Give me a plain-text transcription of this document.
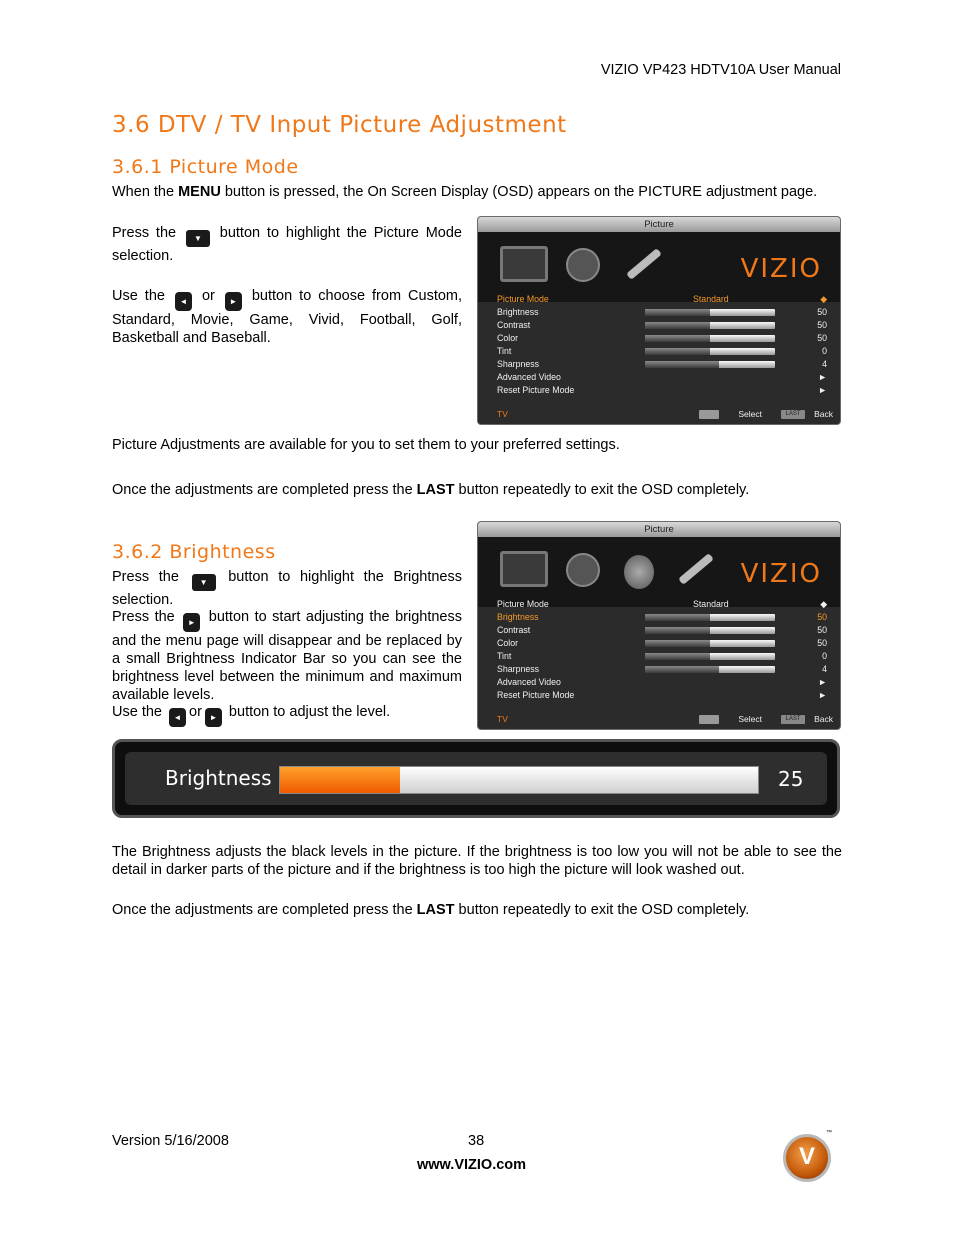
VIZIO VP423 HDTV10A User Manual
3.6 DTV / TV Input Picture Adjustment
3.6.1 Picture Mode
When the MENU button is pressed, the On Screen Display (OSD) appears on the PICTURE adjustment page.
Press the ▼ button to highlight the Picture Mode selection.
Use the ◄ or ► button to choose from Custom, Standard, Movie, Game, Vivid, Football, Golf, Basketball and Baseball.
Picture
VIZIO
Picture Mode	Standard	◆
Brightness	50
Contrast	50
Color	50
Tint	0
Sharpness	4
Advanced Video	►
Reset Picture Mode	►
TV	Select	LAST	Back
Picture Adjustments are available for you to set them to your preferred settings.
Once the adjustments are completed press the LAST button repeatedly to exit the OSD completely.
3.6.2 Brightness
Press the ▼ button to highlight the Brightness selection.
Press the ► button to start adjusting the brightness and the menu page will disappear and be replaced by a small Brightness Indicator Bar so you can see the brightness level between the minimum and maximum available levels.
Use the ◄ or ► button to adjust the level.
Picture
VIZIO
Picture Mode	Standard	◆
Brightness	50
Contrast	50
Color	50
Tint	0
Sharpness	4
Advanced Video	►
Reset Picture Mode	►
TV	Select	LAST	Back
Brightness	25
The Brightness adjusts the black levels in the picture. If the brightness is too low you will not be able to see the detail in darker parts of the picture and if the brightness is too high the picture will look washed out.
Once the adjustments are completed press the LAST button repeatedly to exit the OSD completely.
Version 5/16/2008	38
www.VIZIO.com	V
™
